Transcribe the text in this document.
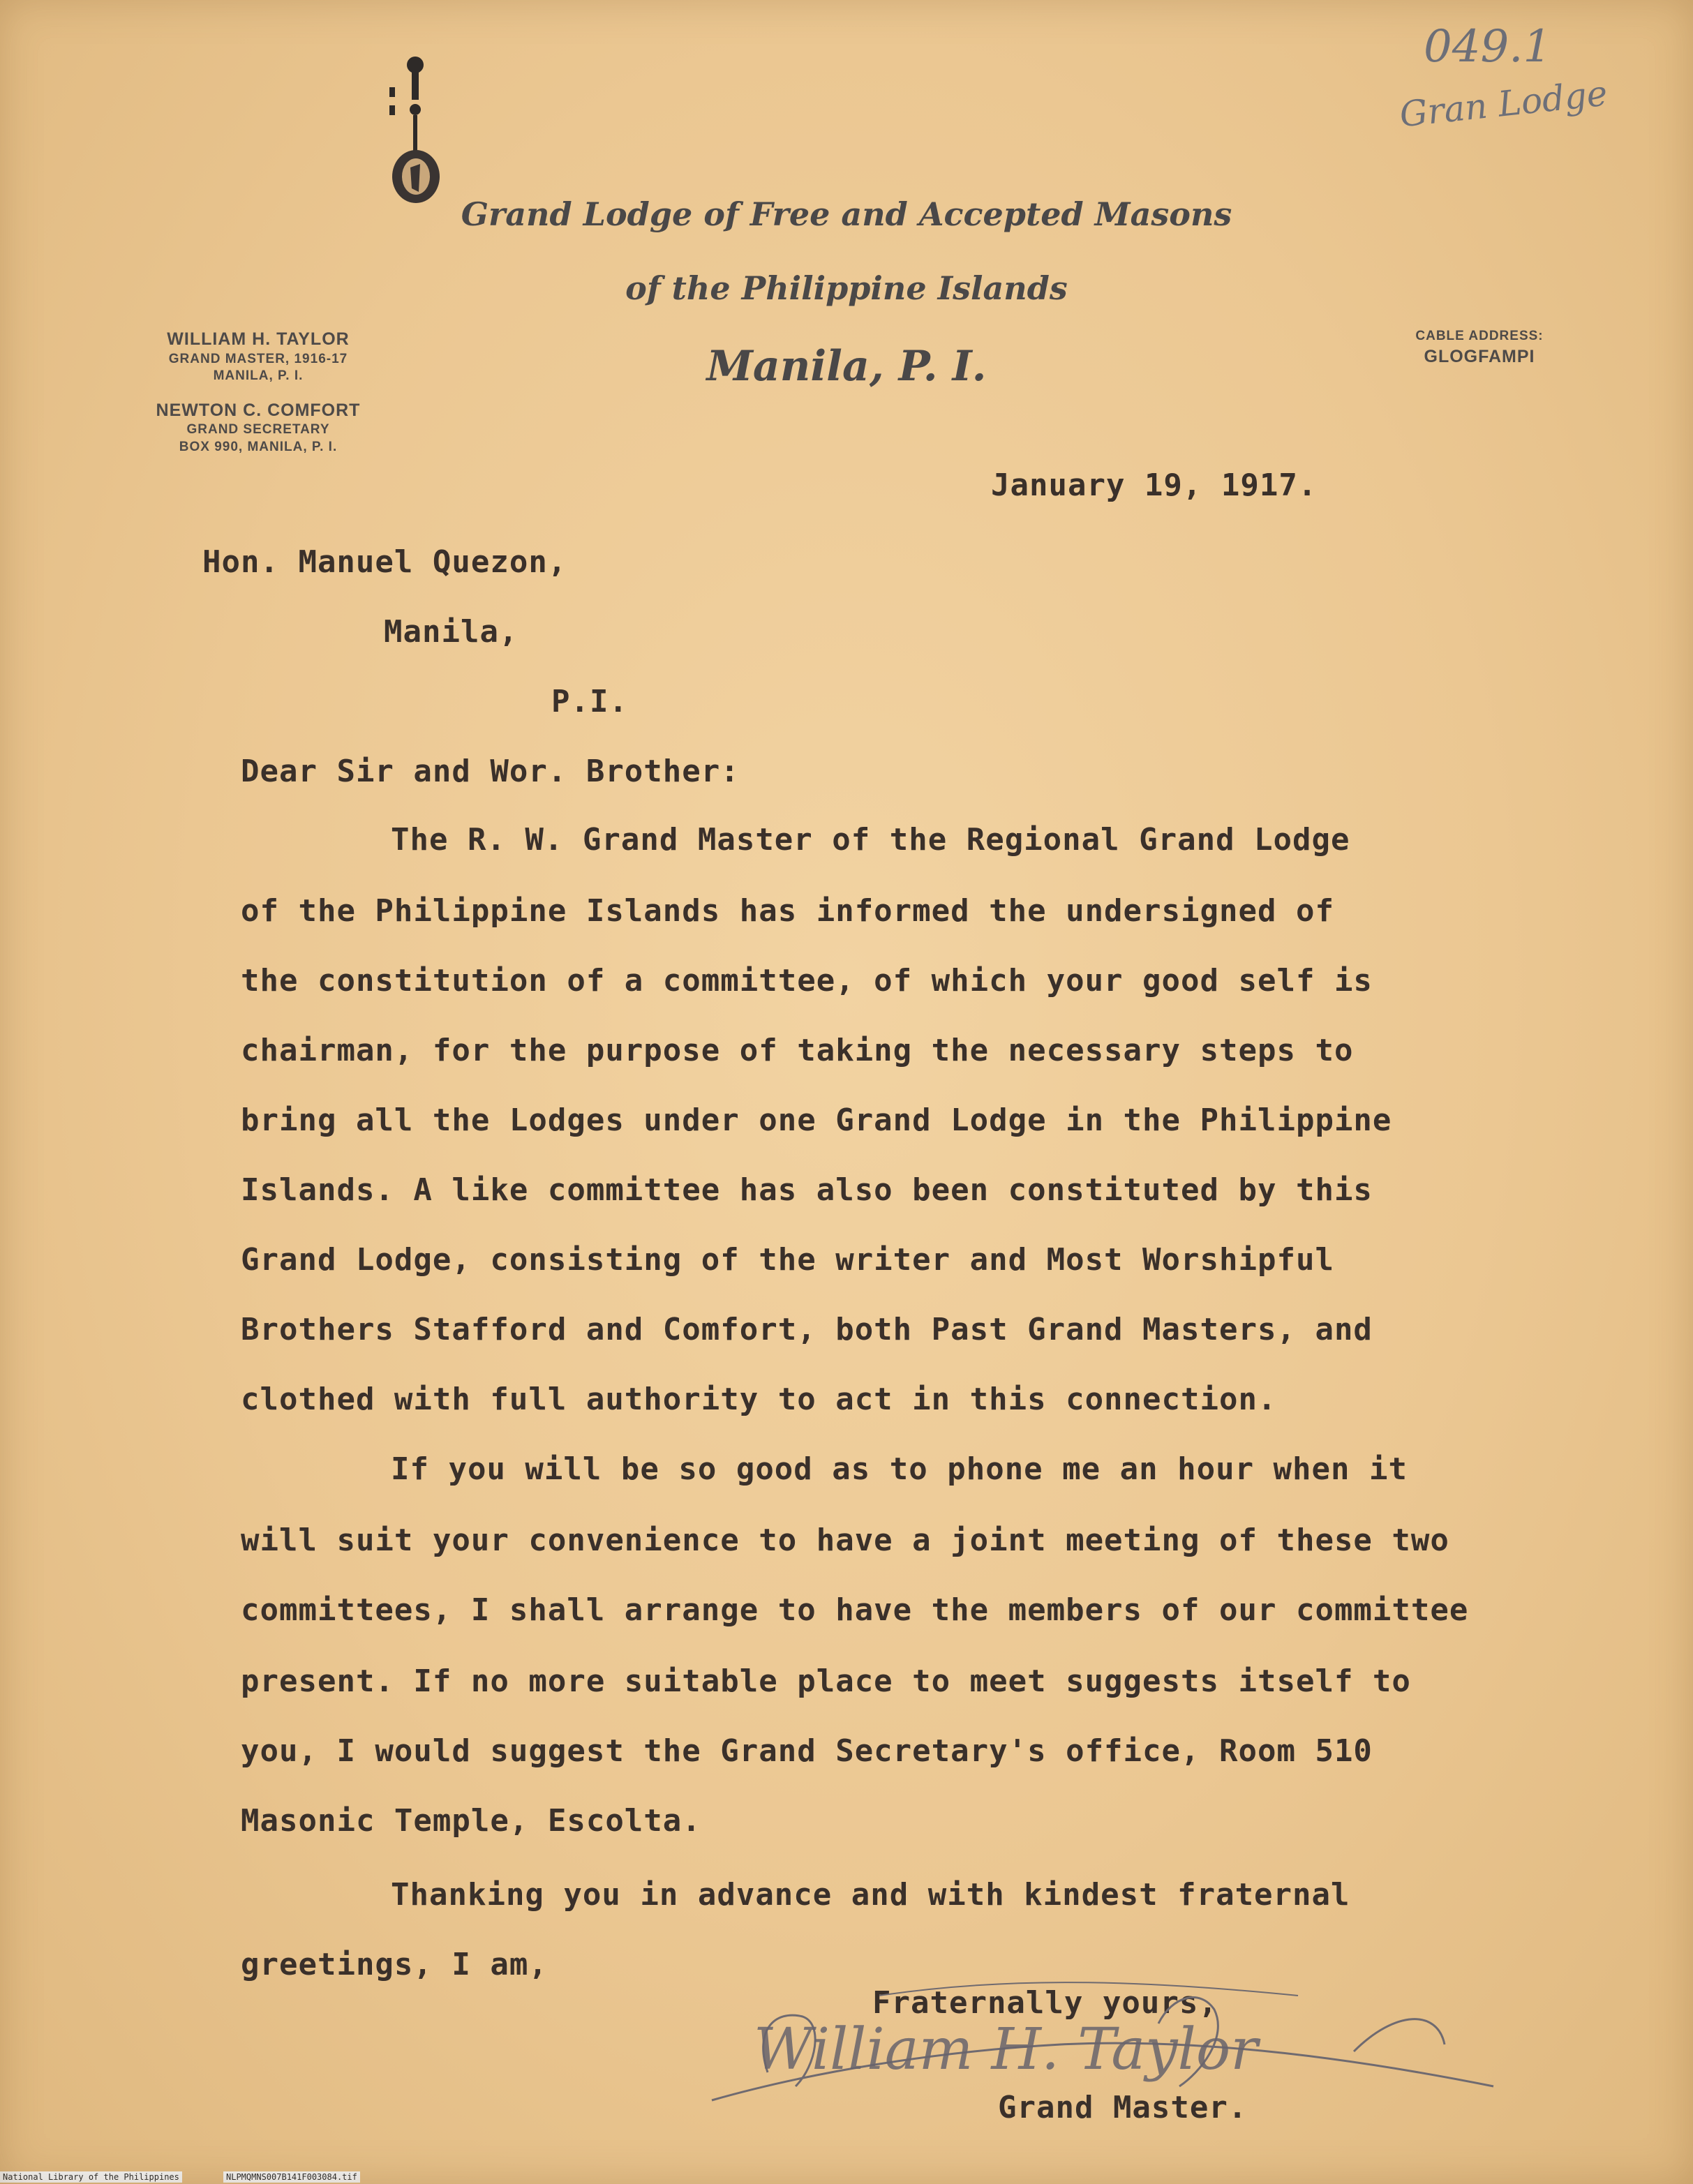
049.1
Gran Lodge
Grand Lodge of Free and Accepted Masons
of the Philippine Islands
Manila, P. I.
WILLIAM H. TAYLOR
GRAND MASTER, 1916-17
MANILA, P. I.
NEWTON C. COMFORT
GRAND SECRETARY
BOX 990, MANILA, P. I.
CABLE ADDRESS:
GLOGFAMPI
January 19, 1917.
Hon. Manuel Quezon,
Manila,
P.I.
Dear Sir and Wor. Brother:
The R. W. Grand Master of the Regional Grand Lodge
of the Philippine Islands has informed the undersigned of
the constitution of a committee, of which your good self is
chairman, for the purpose of taking the necessary steps to
bring all the Lodges under one Grand Lodge in the Philippine
Islands. A like committee has also been constituted by this
Grand Lodge, consisting of the writer and Most Worshipful
Brothers Stafford and Comfort, both Past Grand Masters, and
clothed with full authority to act in this connection.
If you will be so good as to phone me an hour when it
will suit your convenience to have a joint meeting of these two
committees, I shall arrange to have the members of our committee
present. If no more suitable place to meet suggests itself to
you, I would suggest the Grand Secretary's office, Room 510
Masonic Temple, Escolta.
Thanking you in advance and with kindest fraternal
greetings, I am,
Fraternally yours,
William H. Taylor
Grand Master.
National Library of the Philippines	NLPMQMNS007B141F003084.tif
